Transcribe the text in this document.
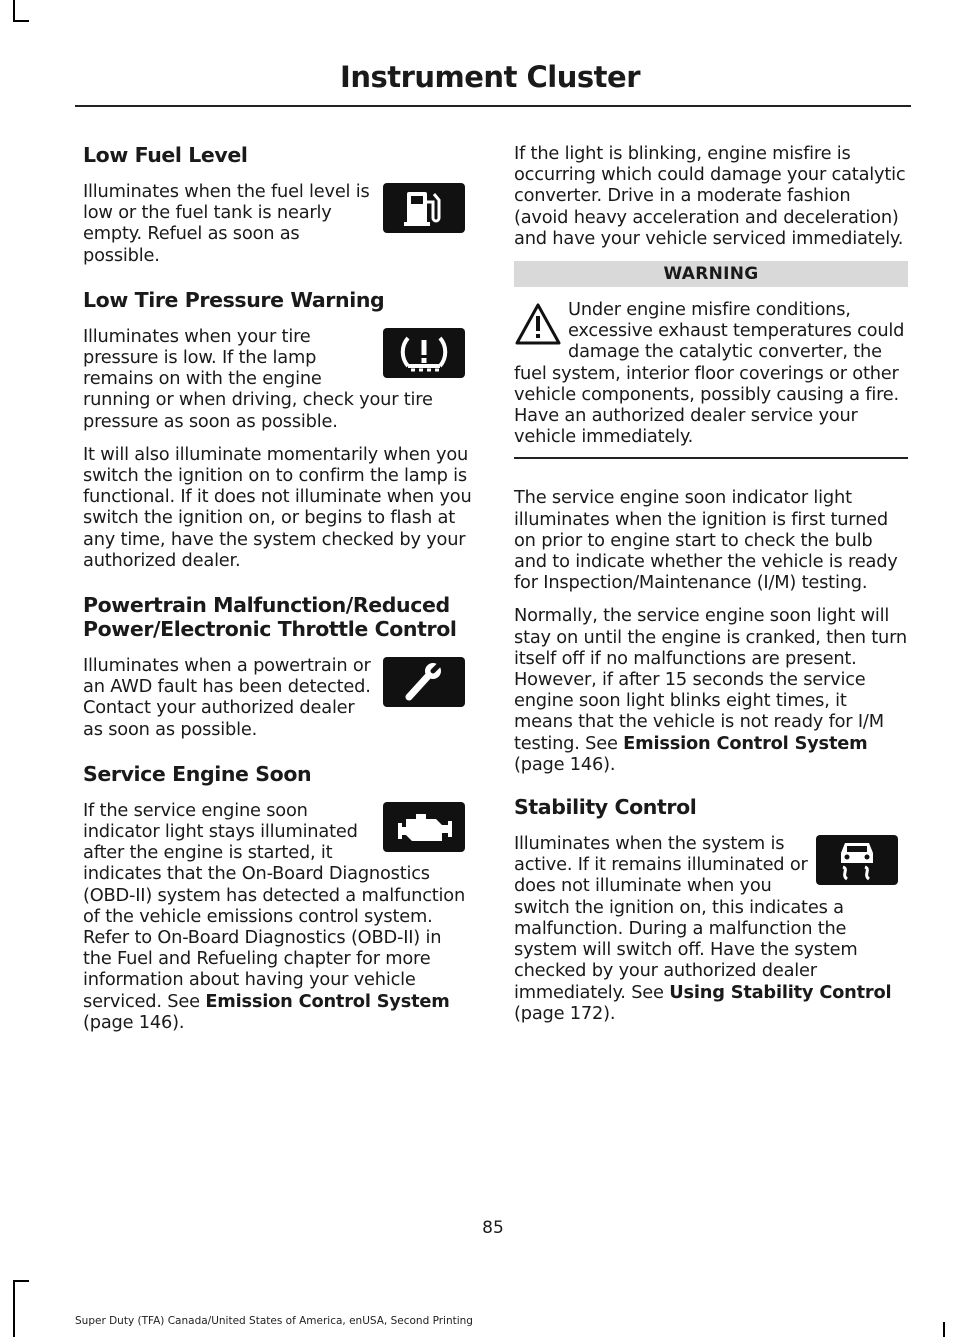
Instrument Cluster
Low Fuel Level

Illuminates when the fuel level is low or the fuel tank is nearly empty. Refuel as soon as possible.

Low Tire Pressure Warning

Illuminates when your tire pressure is low. If the lamp remains on with the engine running or when driving, check your tire pressure as soon as possible.

It will also illuminate momentarily when you switch the ignition on to confirm the lamp is functional. If it does not illuminate when you switch the ignition on, or begins to flash at any time, have the system checked by your authorized dealer.

Powertrain Malfunction/Reduced Power/Electronic Throttle Control

Illuminates when a powertrain or an AWD fault has been detected. Contact your authorized dealer as soon as possible.

Service Engine Soon

If the service engine soon indicator light stays illuminated after the engine is started, it indicates that the On-Board Diagnostics (OBD-II) system has detected a malfunction of the vehicle emissions control system. Refer to On-Board Diagnostics (OBD-II) in the Fuel and Refueling chapter for more information about having your vehicle serviced. See Emission Control System (page 146).

If the light is blinking, engine misfire is occurring which could damage your catalytic converter. Drive in a moderate fashion (avoid heavy acceleration and deceleration) and have your vehicle serviced immediately.

WARNING

Under engine misfire conditions, excessive exhaust temperatures could damage the catalytic converter, the fuel system, interior floor coverings or other vehicle components, possibly causing a fire. Have an authorized dealer service your vehicle immediately.

The service engine soon indicator light illuminates when the ignition is first turned on prior to engine start to check the bulb and to indicate whether the vehicle is ready for Inspection/Maintenance (I/M) testing.

Normally, the service engine soon light will stay on until the engine is cranked, then turn itself off if no malfunctions are present. However, if after 15 seconds the service engine soon light blinks eight times, it means that the vehicle is not ready for I/M testing. See Emission Control System (page 146).

Stability Control

Illuminates when the system is active. If it remains illuminated or does not illuminate when you switch the ignition on, this indicates a malfunction. During a malfunction the system will switch off. Have the system checked by your authorized dealer immediately. See Using Stability Control (page 172).

85
Super Duty (TFA) Canada/United States of America, enUSA, Second Printing
